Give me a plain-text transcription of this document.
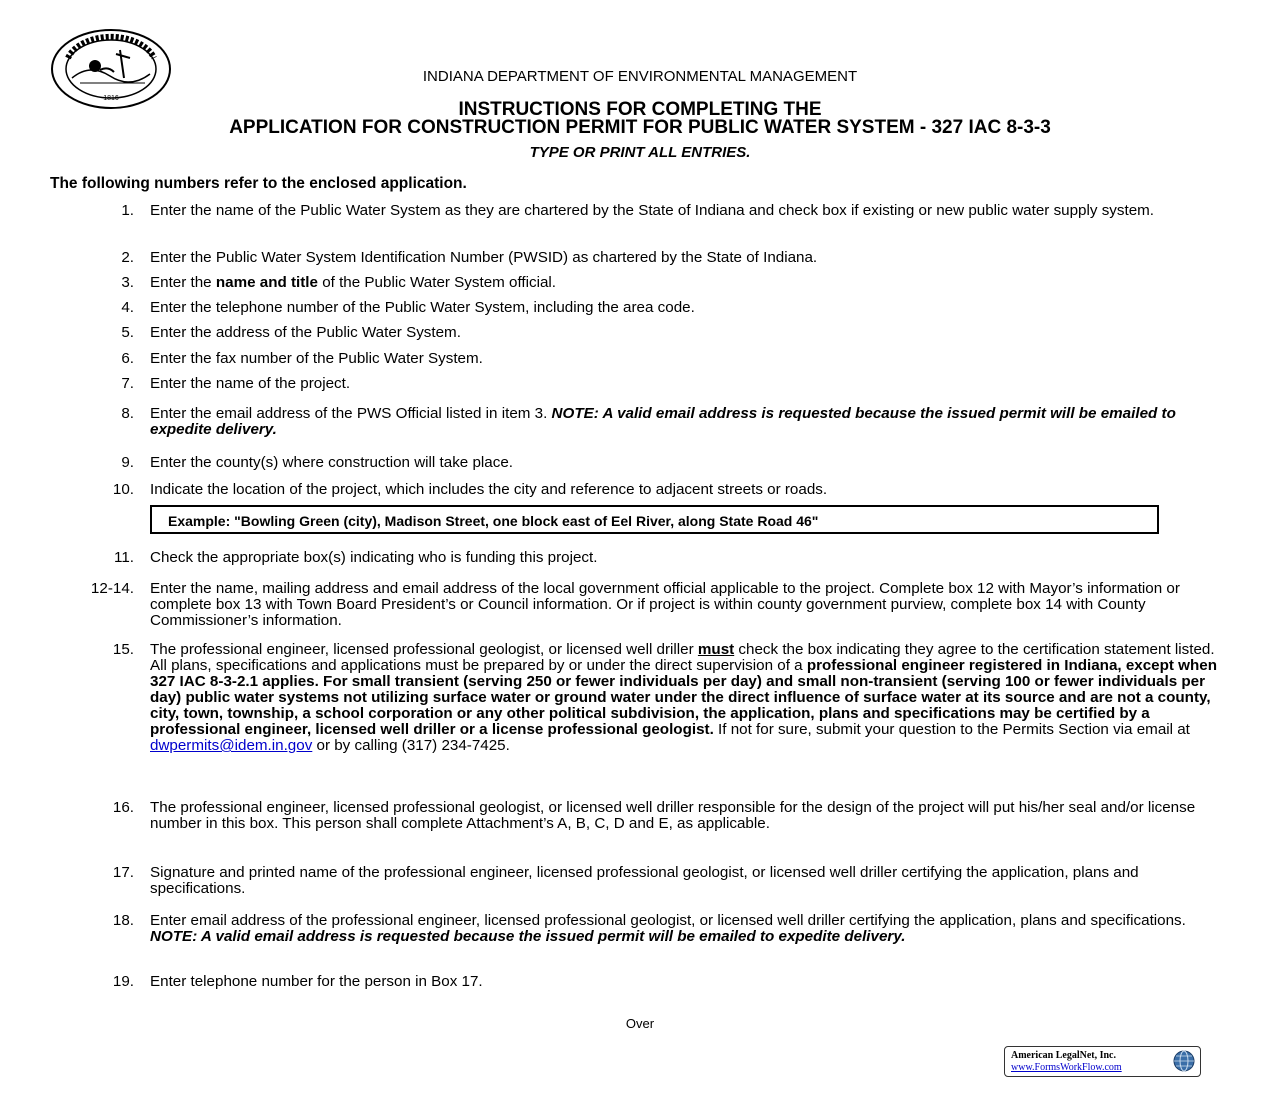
1816
INDIANA DEPARTMENT OF ENVIRONMENTAL MANAGEMENT
INSTRUCTIONS FOR COMPLETING THE
APPLICATION FOR CONSTRUCTION PERMIT FOR PUBLIC WATER SYSTEM - 327 IAC 8-3-3
TYPE OR PRINT ALL ENTRIES.
The following numbers refer to the enclosed application.
1. Enter the name of the Public Water System as they are chartered by the State of Indiana and check box if existing or new public water supply system.
2. Enter the Public Water System Identification Number (PWSID) as chartered by the State of Indiana.
3. Enter the name and title of the Public Water System official.
4. Enter the telephone number of the Public Water System, including the area code.
5. Enter the address of the Public Water System.
6. Enter the fax number of the Public Water System.
7. Enter the name of the project.
8. Enter the email address of the PWS Official listed in item 3. NOTE: A valid email address is requested because the issued permit will be emailed to expedite delivery.
9. Enter the county(s) where construction will take place.
10. Indicate the location of the project, which includes the city and reference to adjacent streets or roads.
Example: "Bowling Green (city), Madison Street, one block east of Eel River, along State Road 46"
11. Check the appropriate box(s) indicating who is funding this project.
12-14. Enter the name, mailing address and email address of the local government official applicable to the project. Complete box 12 with Mayor’s information or complete box 13 with Town Board President’s or Council information. Or if project is within county government purview, complete box 14 with County Commissioner’s information.
15. The professional engineer, licensed professional geologist, or licensed well driller must check the box indicating they agree to the certification statement listed. All plans, specifications and applications must be prepared by or under the direct supervision of a professional engineer registered in Indiana, except when 327 IAC 8-3-2.1 applies. For small transient (serving 250 or fewer individuals per day) and small non-transient (serving 100 or fewer individuals per day) public water systems not utilizing surface water or ground water under the direct influence of surface water at its source and are not a county, city, town, township, a school corporation or any other political subdivision, the application, plans and specifications may be certified by a professional engineer, licensed well driller or a license professional geologist. If not for sure, submit your question to the Permits Section via email at dwpermits@idem.in.gov or by calling (317) 234-7425.
16. The professional engineer, licensed professional geologist, or licensed well driller responsible for the design of the project will put his/her seal and/or license number in this box. This person shall complete Attachment’s A, B, C, D and E, as applicable.
17. Signature and printed name of the professional engineer, licensed professional geologist, or licensed well driller certifying the application, plans and specifications.
18. Enter email address of the professional engineer, licensed professional geologist, or licensed well driller certifying the application, plans and specifications. NOTE: A valid email address is requested because the issued permit will be emailed to expedite delivery.
19. Enter telephone number for the person in Box 17.
Over
American LegalNet, Inc.
www.FormsWorkFlow.com
